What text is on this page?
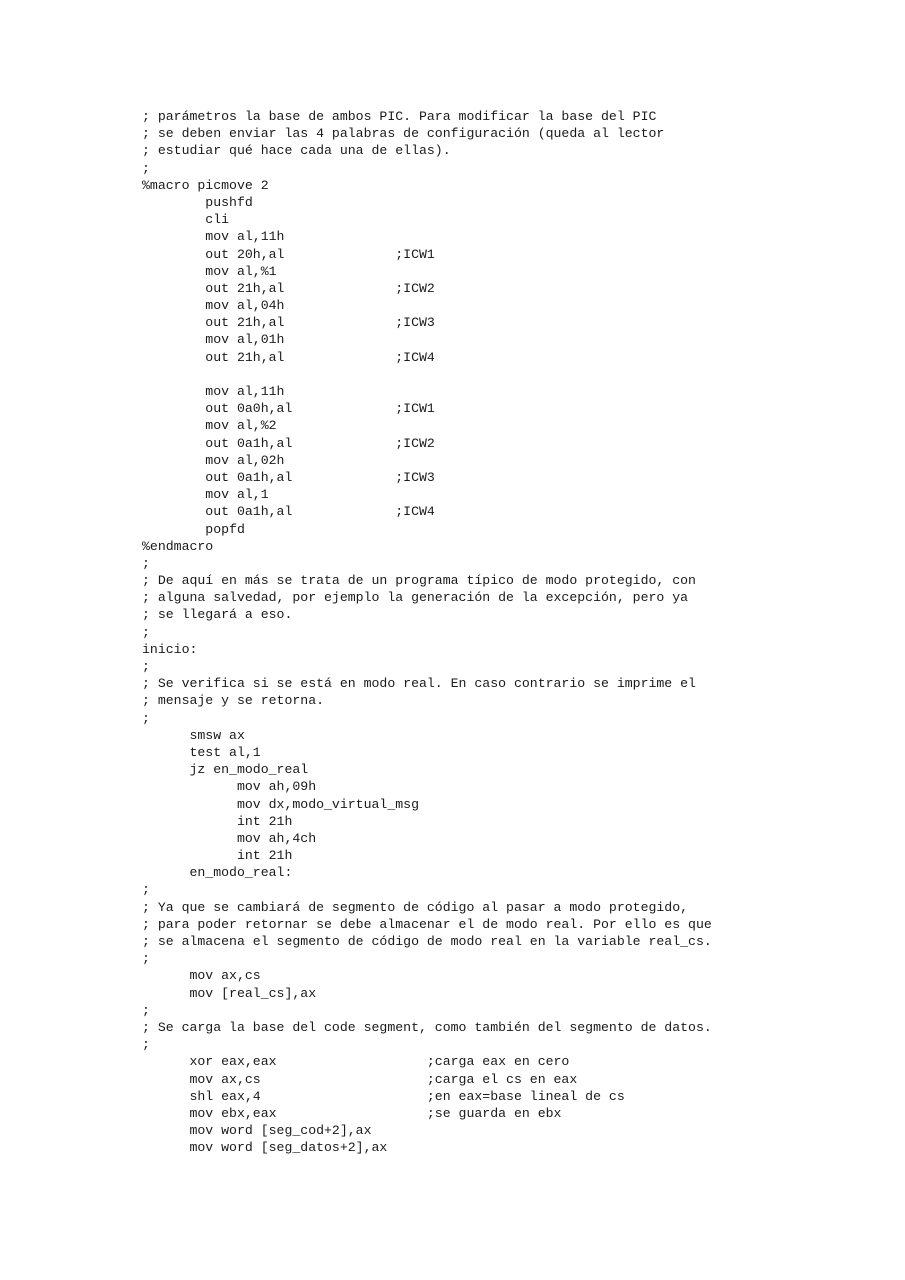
; parámetros la base de ambos PIC. Para modificar la base del PIC
; se deben enviar las 4 palabras de configuración (queda al lector
; estudiar qué hace cada una de ellas).
;
%macro picmove 2
pushfd
cli
mov al,11h
out 20h,al              ;ICW1
mov al,%1
out 21h,al              ;ICW2
mov al,04h
out 21h,al              ;ICW3
mov al,01h
out 21h,al              ;ICW4
mov al,11h
out 0a0h,al             ;ICW1
mov al,%2
out 0a1h,al             ;ICW2
mov al,02h
out 0a1h,al             ;ICW3
mov al,1
out 0a1h,al             ;ICW4
popfd
%endmacro
;
; De aquí en más se trata de un programa típico de modo protegido, con
; alguna salvedad, por ejemplo la generación de la excepción, pero ya
; se llegará a eso.
;
inicio:
;
; Se verifica si se está en modo real. En caso contrario se imprime el
; mensaje y se retorna.
;
smsw ax
test al,1
jz en_modo_real
mov ah,09h
mov dx,modo_virtual_msg
int 21h
mov ah,4ch
int 21h
en_modo_real:
;
; Ya que se cambiará de segmento de código al pasar a modo protegido,
; para poder retornar se debe almacenar el de modo real. Por ello es que
; se almacena el segmento de código de modo real en la variable real_cs.
;
mov ax,cs
mov [real_cs],ax
;
; Se carga la base del code segment, como también del segmento de datos.
;
xor eax,eax                   ;carga eax en cero
mov ax,cs                     ;carga el cs en eax
shl eax,4                     ;en eax=base lineal de cs
mov ebx,eax                   ;se guarda en ebx
mov word [seg_cod+2],ax
mov word [seg_datos+2],ax
